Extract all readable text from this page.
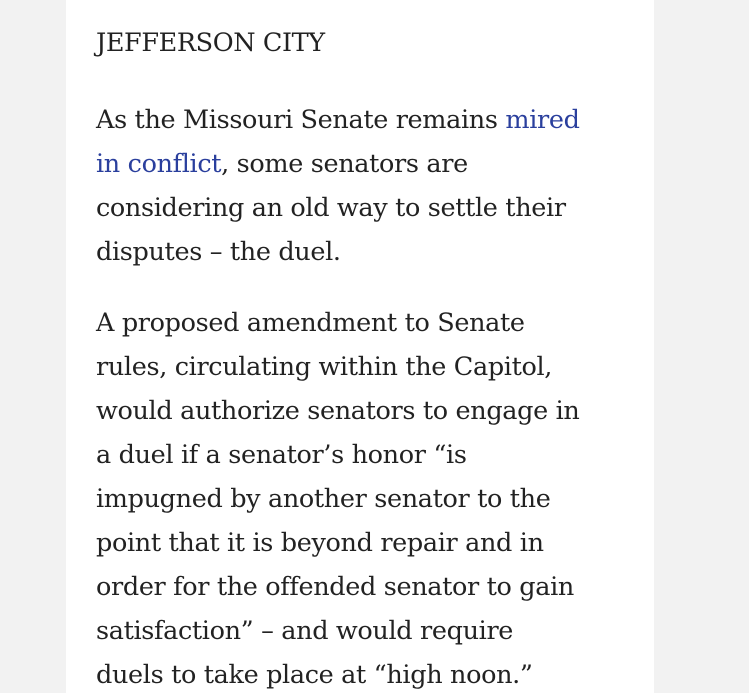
JEFFERSON CITY

As the Missouri Senate remains mired
in conflict, some senators are
considering an old way to settle their
disputes – the duel.

A proposed amendment to Senate
rules, circulating within the Capitol,
would authorize senators to engage in
a duel if a senator’s honor “is
impugned by another senator to the
point that it is beyond repair and in
order for the offended senator to gain
satisfaction” – and would require
duels to take place at “high noon.”
